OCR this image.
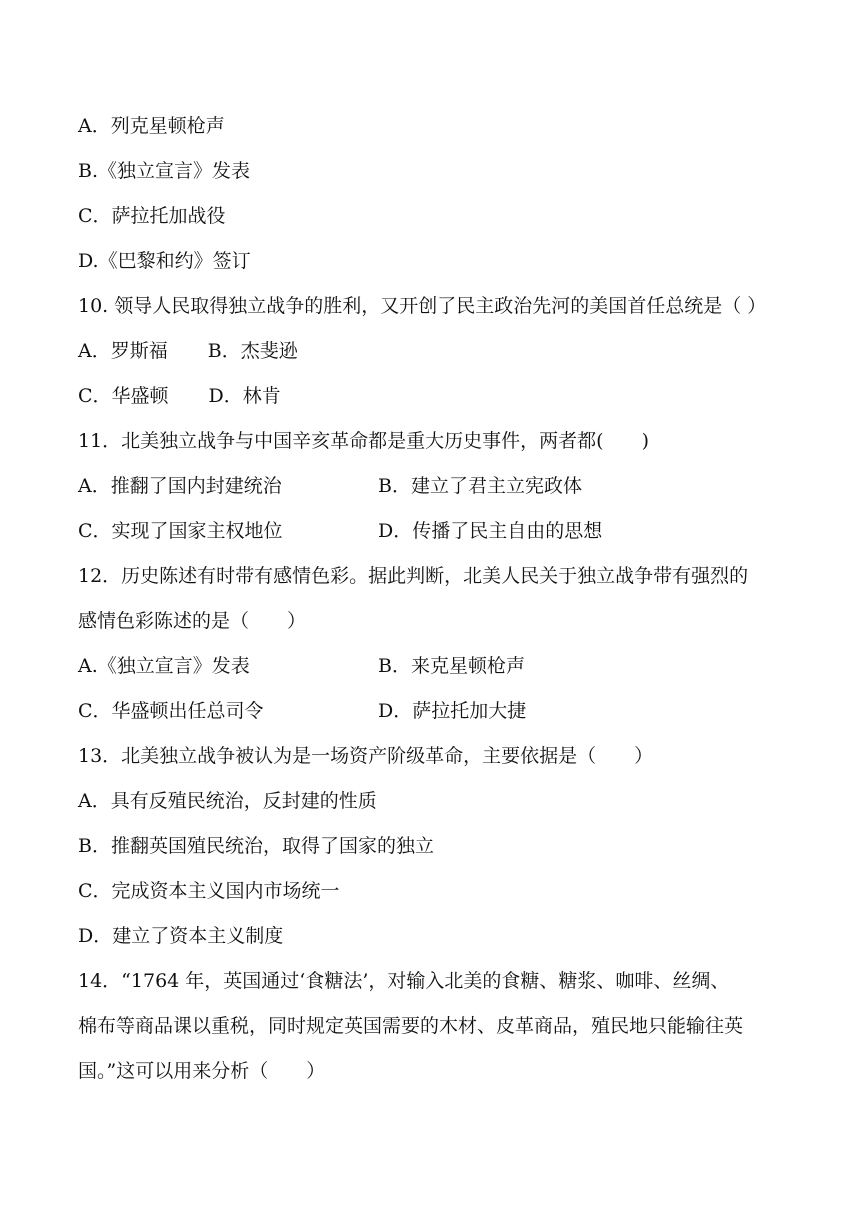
A．列克星顿枪声
B.《独立宣言》发表
C．萨拉托加战役
D.《巴黎和约》签订
10. 领导人民取得独立战争的胜利，又开创了民主政治先河的美国首任总统是（ ）
A．罗斯福 B．杰斐逊
C．华盛顿 D．林肯
11．北美独立战争与中国辛亥革命都是重大历史事件，两者都(　　)
A．推翻了国内封建统治	B．建立了君主立宪政体
C．实现了国家主权地位	D．传播了民主自由的思想
12．历史陈述有时带有感情色彩。据此判断，北美人民关于独立战争带有强烈的
感情色彩陈述的是（　　）
A.《独立宣言》发表	B．来克星顿枪声
C．华盛顿出任总司令	D．萨拉托加大捷
13．北美独立战争被认为是一场资产阶级革命，主要依据是（　　）
A．具有反殖民统治，反封建的性质
B．推翻英国殖民统治，取得了国家的独立
C．完成资本主义国内市场统一
D．建立了资本主义制度
14．“1764 年，英国通过‘食糖法’，对输入北美的食糖、糖浆、咖啡、丝绸、
棉布等商品课以重税，同时规定英国需要的木材、皮革商品，殖民地只能输往英
国。”这可以用来分析（　　）
